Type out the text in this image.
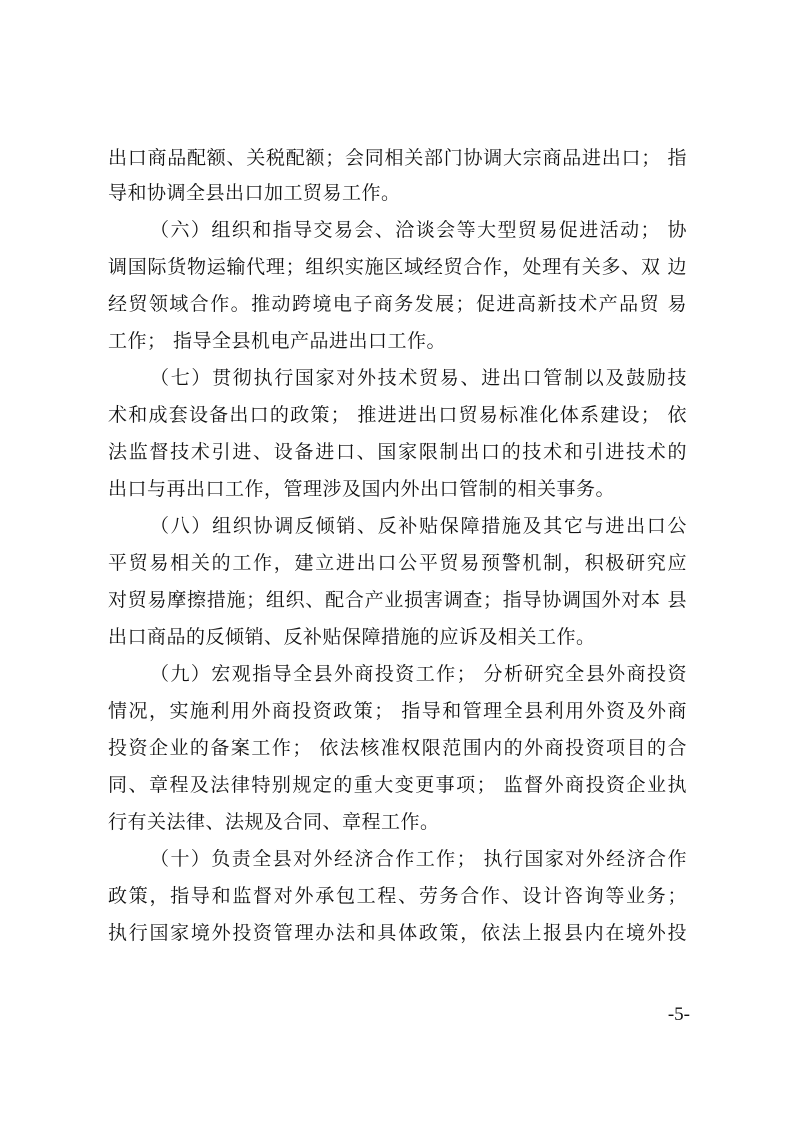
出口商品配额、关税配额；会同相关部门协调大宗商品进出口； 指

导和协调全县出口加工贸易工作。

（六）组织和指导交易会、洽谈会等大型贸易促进活动； 协

调国际货物运输代理；组织实施区域经贸合作，处理有关多、双 边

经贸领域合作。推动跨境电子商务发展；促进高新技术产品贸 易

工作； 指导全县机电产品进出口工作。

（七）贯彻执行国家对外技术贸易、进出口管制以及鼓励技

术和成套设备出口的政策； 推进进出口贸易标准化体系建设； 依

法监督技术引进、设备进口、国家限制出口的技术和引进技术的

出口与再出口工作，管理涉及国内外出口管制的相关事务。

（八）组织协调反倾销、反补贴保障措施及其它与进出口公

平贸易相关的工作，建立进出口公平贸易预警机制，积极研究应

对贸易摩擦措施；组织、配合产业损害调查；指导协调国外对本 县

出口商品的反倾销、反补贴保障措施的应诉及相关工作。

（九）宏观指导全县外商投资工作； 分析研究全县外商投资

情况，实施利用外商投资政策； 指导和管理全县利用外资及外商

投资企业的备案工作； 依法核准权限范围内的外商投资项目的合

同、章程及法律特别规定的重大变更事项； 监督外商投资企业执

行有关法律、法规及合同、章程工作。

（十）负责全县对外经济合作工作； 执行国家对外经济合作

政策，指导和监督对外承包工程、劳务合作、设计咨询等业务；

执行国家境外投资管理办法和具体政策，依法上报县内在境外投

-5-
